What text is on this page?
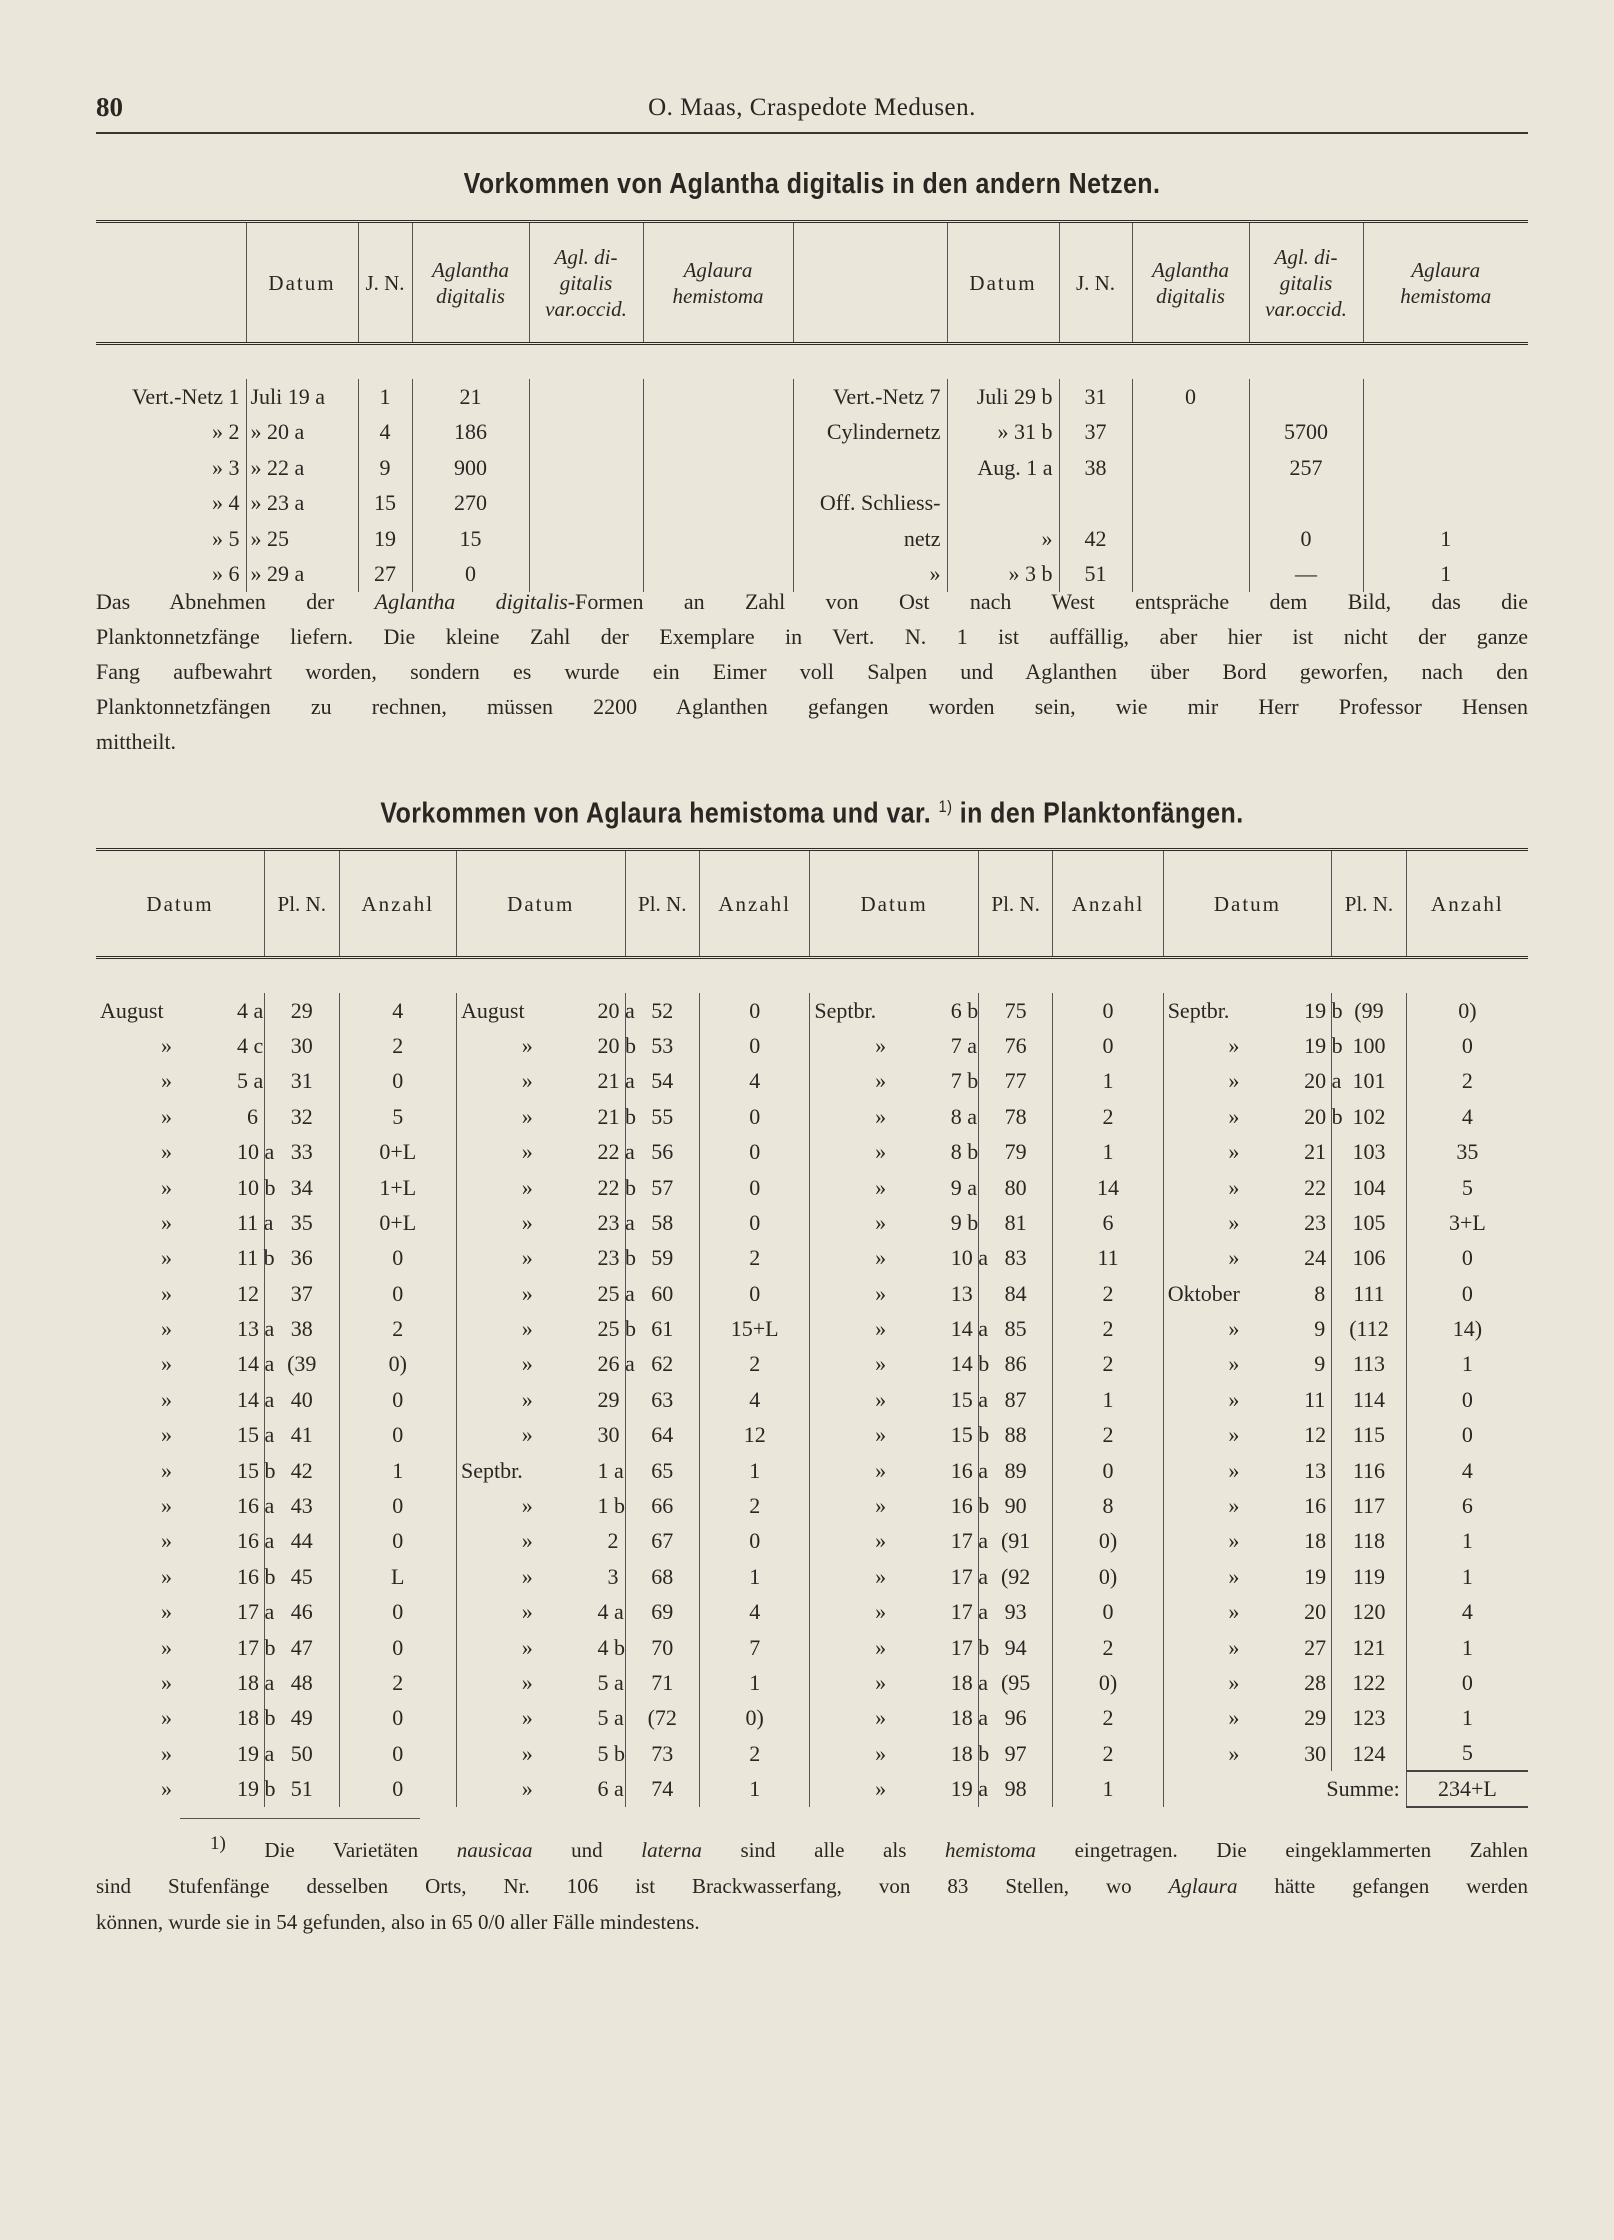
80	O. Maas, Craspedote Medusen.
Vorkommen von Aglantha digitalis in den andern Netzen.
	Datum	J. N.	Aglantha
digitalis	Agl. di-
gitalis
var.occid.	Aglaura
hemistoma		Datum	J. N.	Aglantha
digitalis	Agl. di-
gitalis
var.occid.	Aglaura
hemistoma

Vert.-Netz 1	Juli 19 a	1	21			Vert.-Netz 7	Juli 29 b	31	0		
» 2	» 20 a	4	186			Cylindernetz	» 31 b	37		5700	
» 3	» 22 a	9	900				Aug. 1 a	38		257	
» 4	» 23 a	15	270			Off. Schliess-					
» 5	» 25	19	15			netz	»	42		0	1
» 6	» 29 a	27	0			»	» 3 b	51		—	1
Das Abnehmen der Aglantha digitalis-Formen an Zahl von Ost nach West entspräche dem Bild, das die
Planktonnetzfänge liefern. Die kleine Zahl der Exemplare in Vert. N. 1 ist auffällig, aber hier ist nicht der ganze
Fang aufbewahrt worden, sondern es wurde ein Eimer voll Salpen und Aglanthen über Bord geworfen, nach den
Planktonnetzfängen zu rechnen, müssen 2200 Aglanthen gefangen worden sein, wie mir Herr Professor Hensen
mittheilt.
Vorkommen von Aglaura hemistoma und var. $^{1)}$ in den Planktonfängen.
Datum		Pl. N.	Anzahl	Datum		Pl. N.	Anzahl	Datum		Pl. N.	Anzahl	Datum		Pl. N.	Anzahl

August	4 a	29	4	August	20 a	52	0	Septbr.	6 b	75	0	Septbr.	19 b	(99	0)
»	4 c	30	2	»	20 b	53	0	»	7 a	76	0	»	19 b	100	0
»	5 a	31	0	»	21 a	54	4	»	7 b	77	1	»	20 a	101	2
»	6	32	5	»	21 b	55	0	»	8 a	78	2	»	20 b	102	4
»	10 a	33	0+L	»	22 a	56	0	»	8 b	79	1	»	21	103	35
»	10 b	34	1+L	»	22 b	57	0	»	9 a	80	14	»	22	104	5
»	11 a	35	0+L	»	23 a	58	0	»	9 b	81	6	»	23	105	3+L
»	11 b	36	0	»	23 b	59	2	»	10 a	83	11	»	24	106	0
»	12	37	0	»	25 a	60	0	»	13	84	2	Oktober	8	111	0
»	13 a	38	2	»	25 b	61	15+L	»	14 a	85	2	»	9	(112	14)
»	14 a	(39	0)	»	26 a	62	2	»	14 b	86	2	»	9	113	1
»	14 a	40	0	»	29	63	4	»	15 a	87	1	»	11	114	0
»	15 a	41	0	»	30	64	12	»	15 b	88	2	»	12	115	0
»	15 b	42	1	Septbr.	1 a	65	1	»	16 a	89	0	»	13	116	4
»	16 a	43	0	»	1 b	66	2	»	16 b	90	8	»	16	117	6
»	16 a	44	0	»	2	67	0	»	17 a	(91	0)	»	18	118	1
»	16 b	45	L	»	3	68	1	»	17 a	(92	0)	»	19	119	1
»	17 a	46	0	»	4 a	69	4	»	17 a	93	0	»	20	120	4
»	17 b	47	0	»	4 b	70	7	»	17 b	94	2	»	27	121	1
»	18 a	48	2	»	5 a	71	1	»	18 a	(95	0)	»	28	122	0
»	18 b	49	0	»	5 a	(72	0)	»	18 a	96	2	»	29	123	1
»	19 a	50	0	»	5 b	73	2	»	18 b	97	2	»	30	124	5
»	19 b	51	0	»	6 a	74	1	»	19 a	98	1	Summe:			234+L
$^{1)}$ Die Varietäten nausicaa und laterna sind alle als hemistoma eingetragen. Die eingeklammerten Zahlen
sind Stufenfänge desselben Orts, Nr. 106 ist Brackwasserfang, von 83 Stellen, wo Aglaura hätte gefangen werden
können, wurde sie in 54 gefunden, also in 65 0/0 aller Fälle mindestens.
